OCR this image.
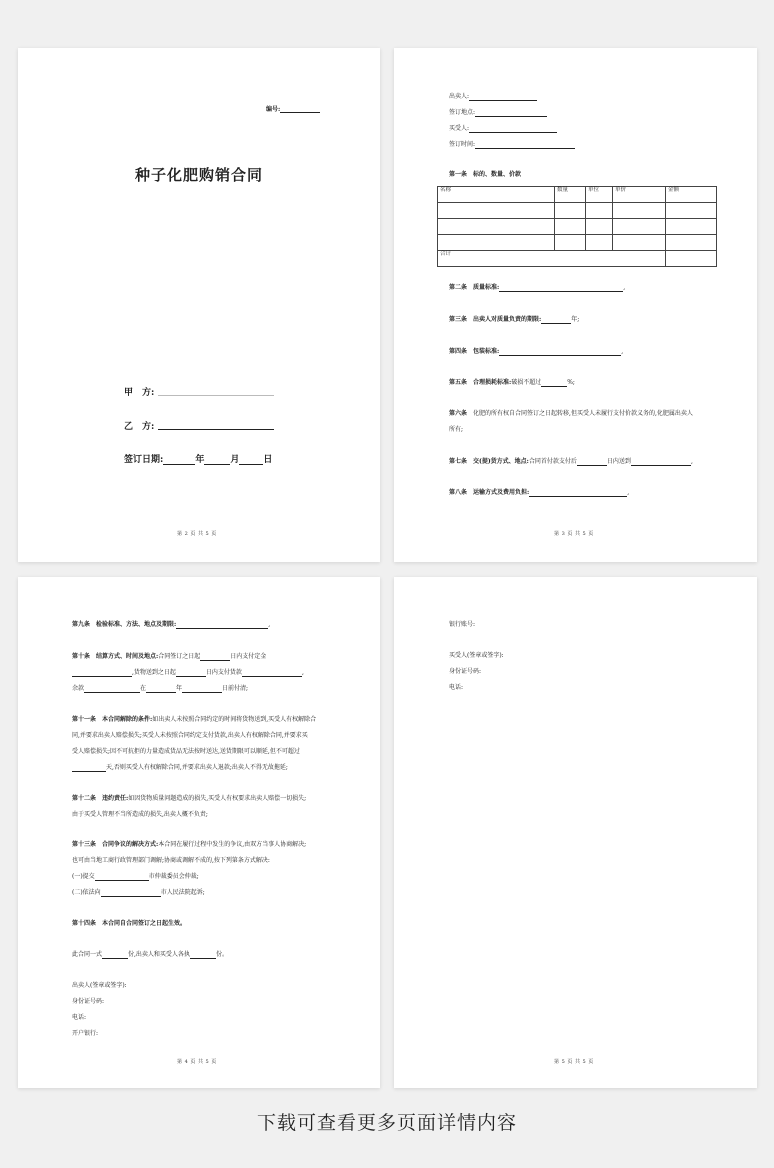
编号:
种子化肥购销合同
甲　方:
乙　方:
签订日期:	年	月	日
第 2 页 共 5 页
出卖人:
签订地点:
买受人:
签订时间:
第一条　标的、数量、价款
名称	数量	单位	单价	金额

合计				
第二条　质量标准:	,
第三条　出卖人对质量负责的期限:	年;
第四条　包装标准:	,
第五条　合理损耗标准:破损不超过	%;
第六条　 化肥的所有权自合同签订之日起转移,但买受人未履行支付价款义务的,化肥属出卖人
所有;
第七条　交(提)货方式、地点:合同首付款支付后	日内送到	,
第八条　运输方式及费用负担:	,
第 3 页 共 5 页
第九条　检验标准、方法、地点及期限:	,
第十条　结算方式、时间及地点:合同签订之日起	日内支付定金
,货物送到之日起	日内支付货款	,
余款	在	年	日前付清;
第十一条　本合同解除的条件:如出卖人未按照合同约定的时间将货物送到,买受人有权解除合
同,并要求出卖人赔偿损失;买受人未按照合同约定支付货款,出卖人有权解除合同,并要求买
受人赔偿损失;因不可抗拒的力量造成货品无法按时送达,送货期限可以顺延,但不可超过
天,否则买受人有权解除合同,并要求出卖人退款;出卖人不得无故拖延;
第十二条　违约责任:如因货物质量问题造成的损失,买受人有权要求出卖人赔偿一切损失;
由于买受人管理不当所造成的损失,出卖人概不负责;
第十三条　合同争议的解决方式:本合同在履行过程中发生的争议,由双方当事人协商解决;
也可由当地工商行政管理部门调解;协商或调解不成的,按下列第条方式解决:
(一)提交	市仲裁委员会仲裁;
(二)依法向	市人民法院起诉;
第十四条　本合同自合同签订之日起生效。
此合同一式	份,出卖人和买受人各执	份。
出卖人(签章或签字):
身份证号码:
电话:
开户银行:
第 4 页 共 5 页
银行账号:
买受人(签章或签字):
身份证号码:
电话:
第 5 页 共 5 页
下载可查看更多页面详情内容
